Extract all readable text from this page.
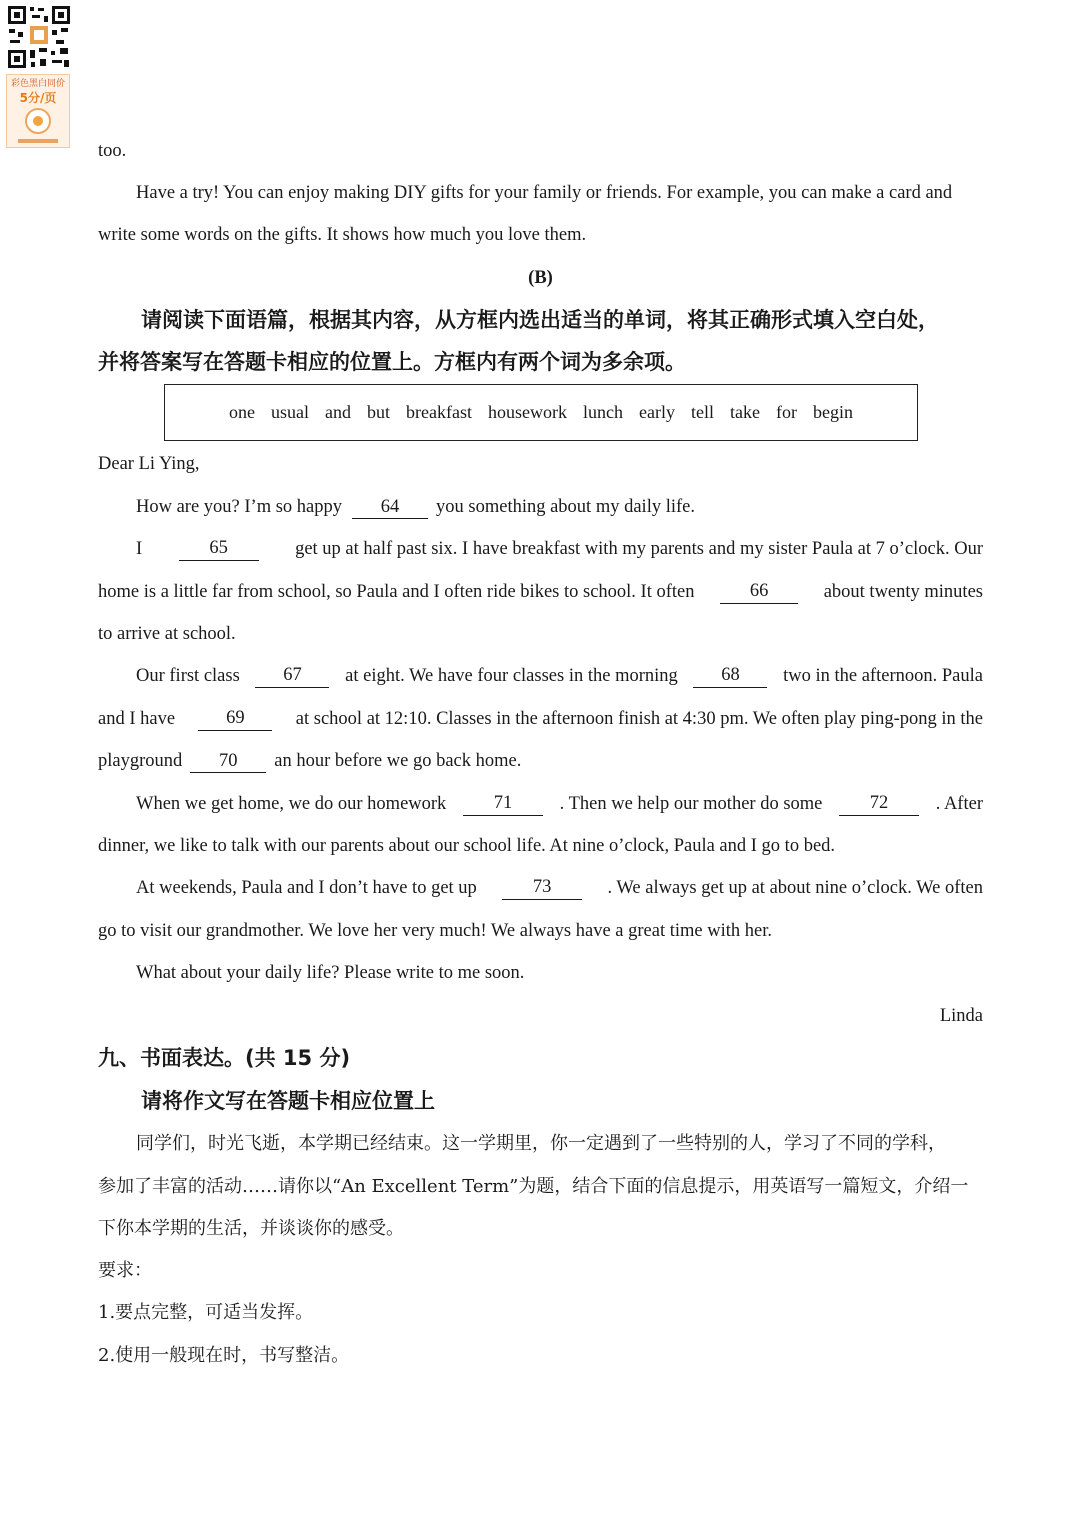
彩色黑白同价
5分/页

too.

Have a try! You can enjoy making DIY gifts for your family or friends. For example, you can make a card and

write some words on the gifts. It shows how much you love them.

(B)

请阅读下面语篇，根据其内容，从方框内选出适当的单词，将其正确形式填入空白处，

并将答案写在答题卡相应的位置上。方框内有两个词为多余项。

one usual and but breakfast housework lunch early tell take for begin

Dear Li Ying,

How are you? I’m so happy 64 you something about my daily life.

I	65	get up at half past six. I have breakfast with my parents and my sister Paula at 7 o’clock. Our

home is a little far from school, so Paula and I often ride bikes to school. It often	66	about twenty minutes

to arrive at school.

Our first class	67	at eight. We have four classes in the morning	68	two in the afternoon. Paula

and I have	69	at school at 12:10. Classes in the afternoon finish at 4:30 pm. We often play ping-pong in the

playground 70 an hour before we go back home.

When we get home, we do our homework	71	. Then we help our mother do some	72	. After

dinner, we like to talk with our parents about our school life. At nine o’clock, Paula and I go to bed.

At weekends, Paula and I don’t have to get up	73	. We always get up at about nine o’clock. We often

go to visit our grandmother. We love her very much! We always have a great time with her.

What about your daily life? Please write to me soon.

Linda

九、书面表达。(共 15 分)

请将作文写在答题卡相应位置上

同学们，时光飞逝，本学期已经结束。这一学期里，你一定遇到了一些特别的人，学习了不同的学科，

参加了丰富的活动……请你以“An Excellent Term”为题，结合下面的信息提示，用英语写一篇短文，介绍一

下你本学期的生活，并谈谈你的感受。

要求：

1.要点完整，可适当发挥。

2.使用一般现在时，书写整洁。
